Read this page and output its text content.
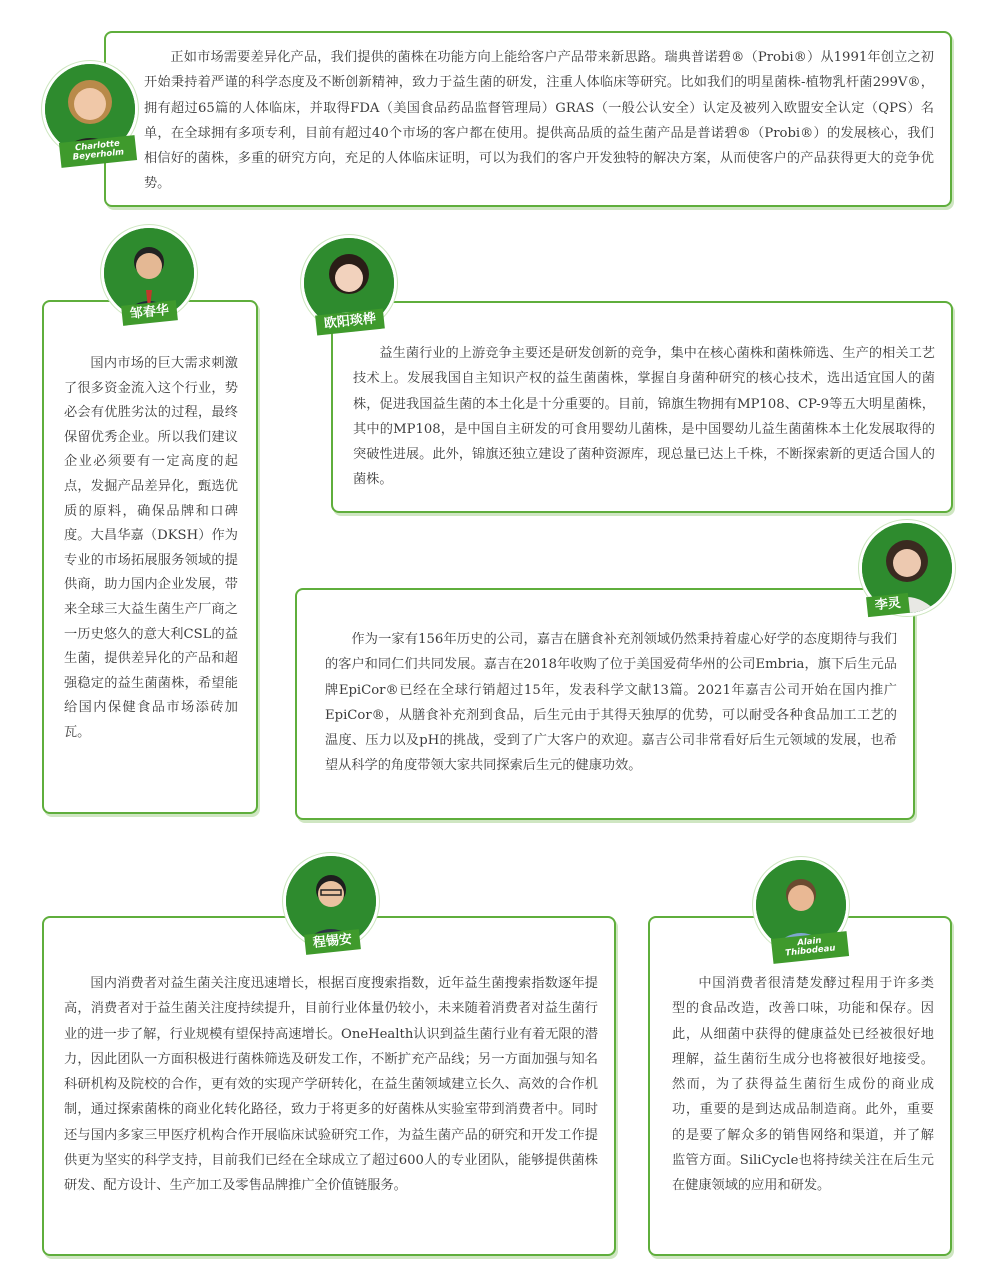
正如市场需要差异化产品，我们提供的菌株在功能方向上能给客户产品带来新思路。瑞典普诺碧®（Probi®）从1991年创立之初开始秉持着严谨的科学态度及不断创新精神，致力于益生菌的研发，注重人体临床等研究。比如我们的明星菌株-植物乳杆菌299V®，拥有超过65篇的人体临床，并取得FDA（美国食品药品监督管理局）GRAS（一般公认安全）认定及被列入欧盟安全认定（QPS）名单，在全球拥有多项专利，目前有超过40个市场的客户都在使用。提供高品质的益生菌产品是普诺碧®（Probi®）的发展核心，我们相信好的菌株，多重的研究方向，充足的人体临床证明，可以为我们的客户开发独特的解决方案，从而使客户的产品获得更大的竞争优势。

Charlotte Beyerholm

国内市场的巨大需求刺激了很多资金流入这个行业，势必会有优胜劣汰的过程，最终保留优秀企业。所以我们建议企业必须要有一定高度的起点，发掘产品差异化，甄选优质的原料，确保品牌和口碑度。大昌华嘉（DKSH）作为专业的市场拓展服务领域的提供商，助力国内企业发展，带来全球三大益生菌生产厂商之一历史悠久的意大利CSL的益生菌，提供差异化的产品和超强稳定的益生菌菌株，希望能给国内保健食品市场添砖加瓦。

邹春华

益生菌行业的上游竞争主要还是研发创新的竞争，集中在核心菌株和菌株筛选、生产的相关工艺技术上。发展我国自主知识产权的益生菌菌株，掌握自身菌种研究的核心技术，选出适宜国人的菌株，促进我国益生菌的本土化是十分重要的。目前，锦旗生物拥有MP108、CP-9等五大明星菌株，其中的MP108，是中国自主研发的可食用婴幼儿菌株，是中国婴幼儿益生菌菌株本土化发展取得的突破性进展。此外，锦旗还独立建设了菌种资源库，现总量已达上千株，不断探索新的更适合国人的菌株。

欧阳琰桦

作为一家有156年历史的公司，嘉吉在膳食补充剂领域仍然秉持着虚心好学的态度期待与我们的客户和同仁们共同发展。嘉吉在2018年收购了位于美国爱荷华州的公司Embria，旗下后生元品牌EpiCor®已经在全球行销超过15年，发表科学文献13篇。2021年嘉吉公司开始在国内推广EpiCor®，从膳食补充剂到食品，后生元由于其得天独厚的优势，可以耐受各种食品加工工艺的温度、压力以及pH的挑战，受到了广大客户的欢迎。嘉吉公司非常看好后生元领域的发展，也希望从科学的角度带领大家共同探索后生元的健康功效。

李灵

国内消费者对益生菌关注度迅速增长，根据百度搜索指数，近年益生菌搜索指数逐年提高，消费者对于益生菌关注度持续提升，目前行业体量仍较小，未来随着消费者对益生菌行业的进一步了解，行业规模有望保持高速增长。OneHealth认识到益生菌行业有着无限的潜力，因此团队一方面积极进行菌株筛选及研发工作，不断扩充产品线；另一方面加强与知名科研机构及院校的合作，更有效的实现产学研转化，在益生菌领域建立长久、高效的合作机制，通过探索菌株的商业化转化路径，致力于将更多的好菌株从实验室带到消费者中。同时还与国内多家三甲医疗机构合作开展临床试验研究工作，为益生菌产品的研究和开发工作提供更为坚实的科学支持，目前我们已经在全球成立了超过600人的专业团队，能够提供菌株研发、配方设计、生产加工及零售品牌推广全价值链服务。

程锡安

中国消费者很清楚发酵过程用于许多类型的食品改造，改善口味，功能和保存。因此，从细菌中获得的健康益处已经被很好地理解，益生菌衍生成分也将被很好地接受。然而，为了获得益生菌衍生成份的商业成功，重要的是到达成品制造商。此外，重要的是要了解众多的销售网络和渠道，并了解监管方面。SiliCycle也将持续关注在后生元在健康领域的应用和研发。

Alain Thibodeau
